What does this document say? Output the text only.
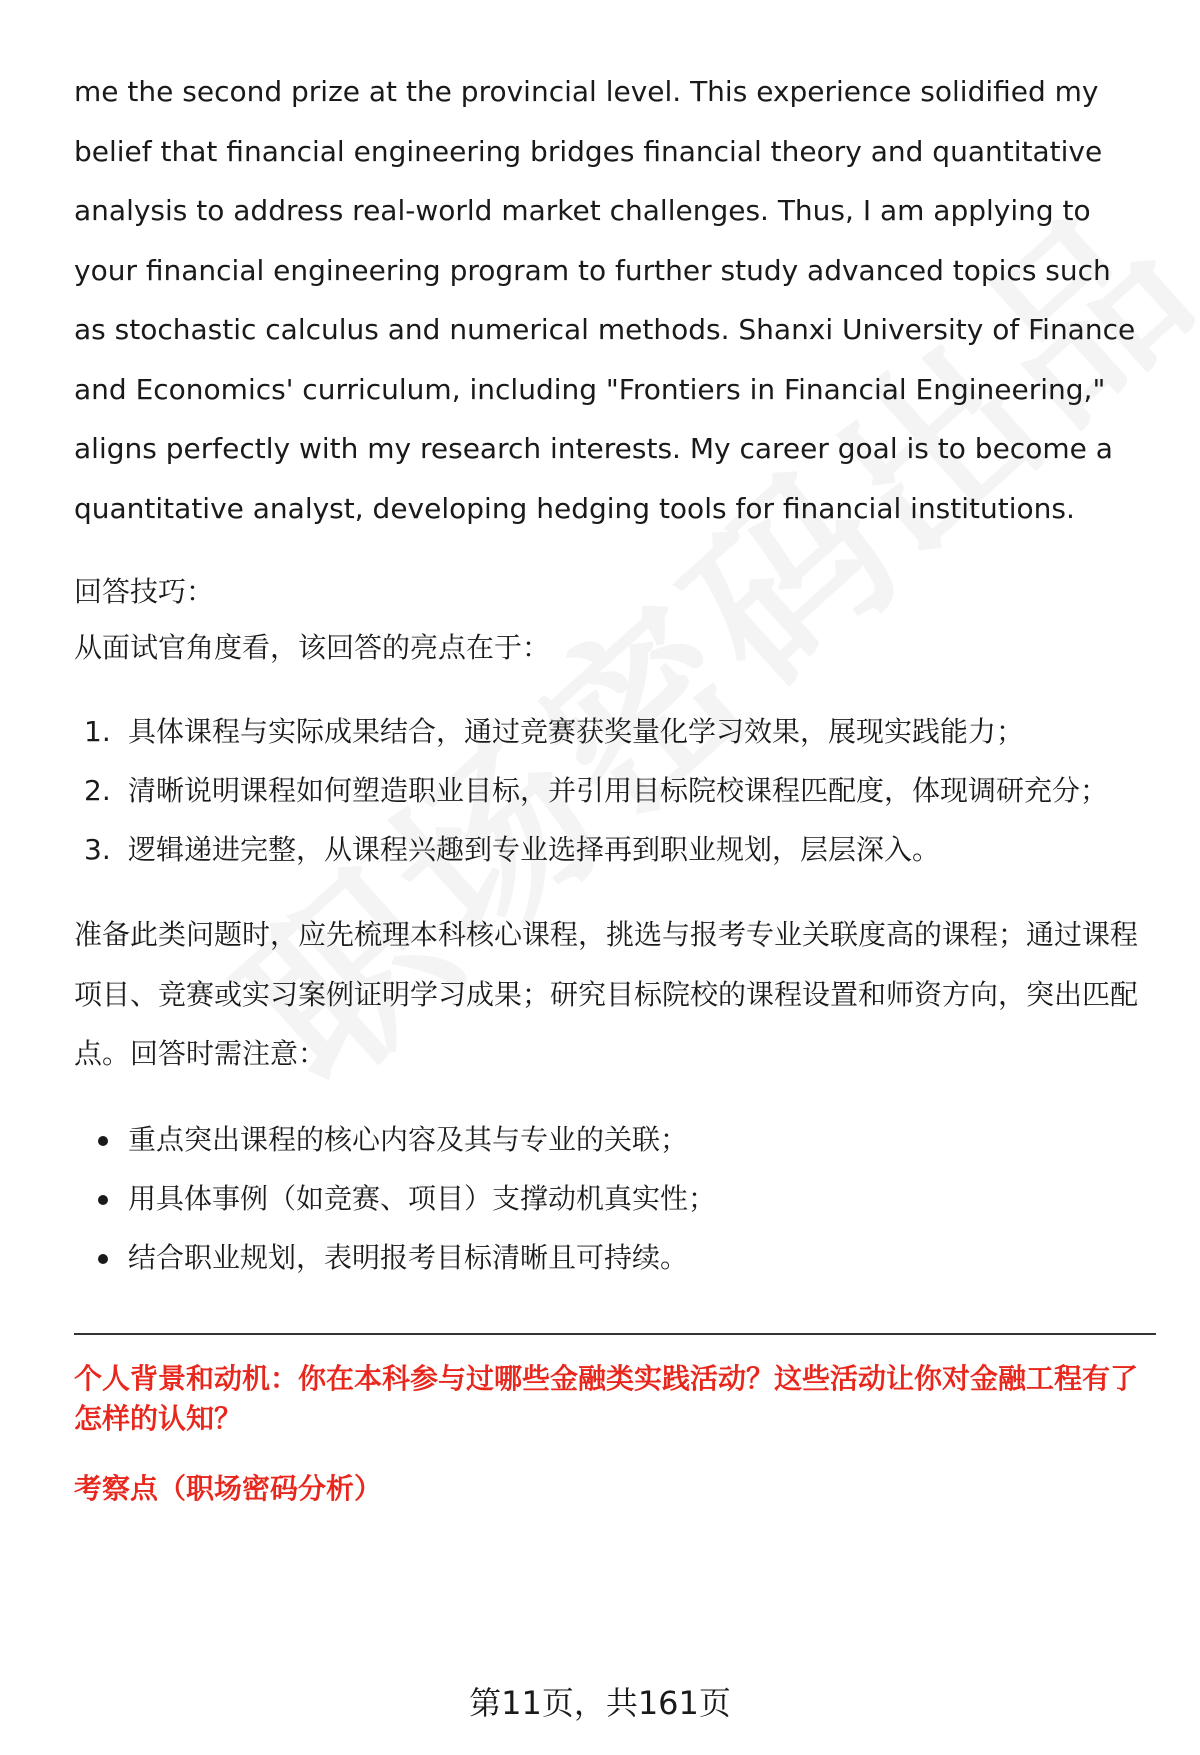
me the second prize at the provincial level. This experience solidified my

belief that financial engineering bridges financial theory and quantitative

analysis to address real-world market challenges. Thus, I am applying to

your financial engineering program to further study advanced topics such

as stochastic calculus and numerical methods. Shanxi University of Finance

and Economics' curriculum, including "Frontiers in Financial Engineering,"

aligns perfectly with my research interests. My career goal is to become a

quantitative analyst, developing hedging tools for financial institutions.

回答技巧：
从面试官角度看，该回答的亮点在于：
1. 具体课程与实际成果结合，通过竞赛获奖量化学习效果，展现实践能力；
2. 清晰说明课程如何塑造职业目标，并引用目标院校课程匹配度，体现调研充分；
3. 逻辑递进完整，从课程兴趣到专业选择再到职业规划，层层深入。
准备此类问题时，应先梳理本科核心课程，挑选与报考专业关联度高的课程；通过课程项目、竞赛或实习案例证明学习成果；研究目标院校的课程设置和师资方向，突出匹配点。回答时需注意：
重点突出课程的核心内容及其与专业的关联；
用具体事例（如竞赛、项目）支撑动机真实性；
结合职业规划，表明报考目标清晰且可持续。
个人背景和动机：你在本科参与过哪些金融类实践活动？这些活动让你对金融工程有了怎样的认知？
考察点（职场密码分析）
第11页，共161页
